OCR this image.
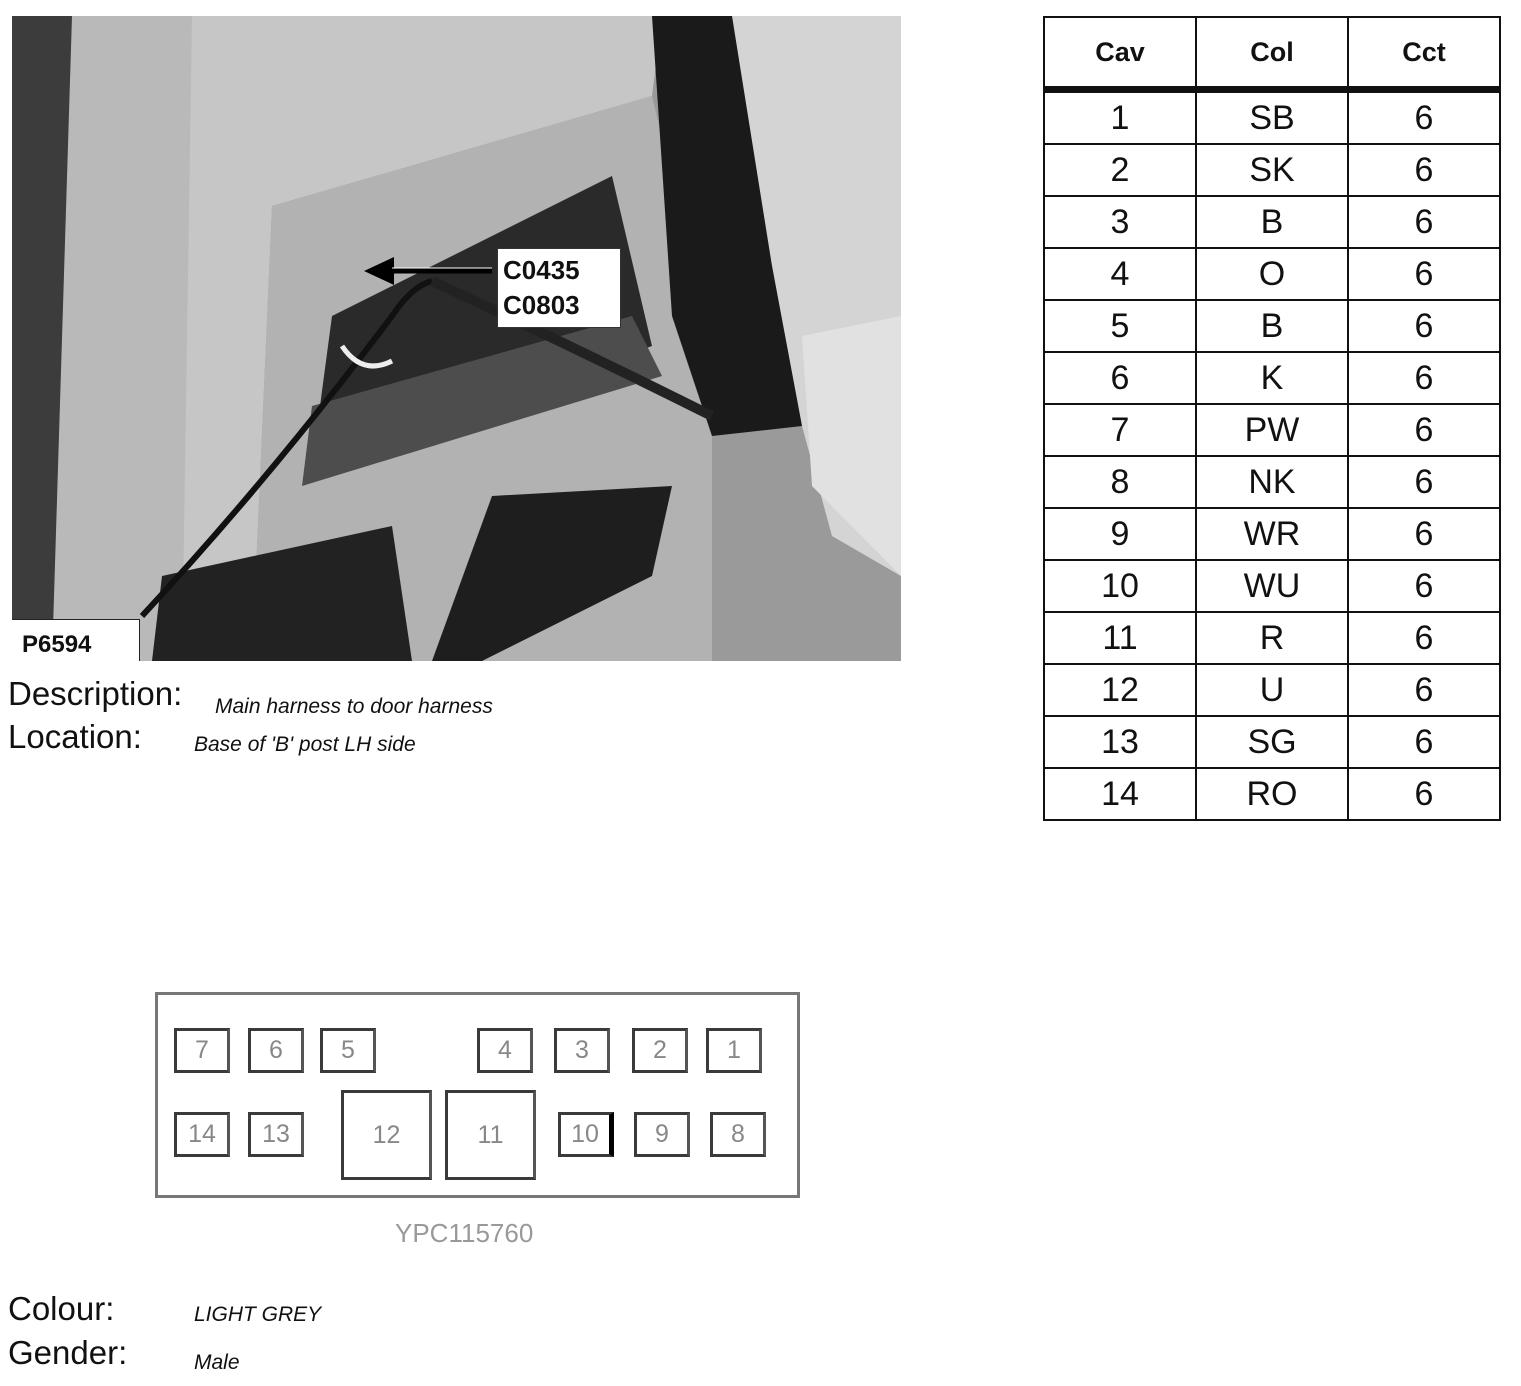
C0435
C0803
P6594
Description: Main harness to door harness
Location: Base of 'B' post LH side
Cav	Col	Cct
1	SB	6
2	SK	6
3	B	6
4	O	6
5	B	6
6	K	6
7	PW	6
8	NK	6
9	WR	6
10	WU	6
11	R	6
12	U	6
13	SG	6
14	RO	6
7	6	5	4	3	2	1
14	13	12	11	10	9	8
YPC115760
Colour:	LIGHT GREY
Gender:	Male
